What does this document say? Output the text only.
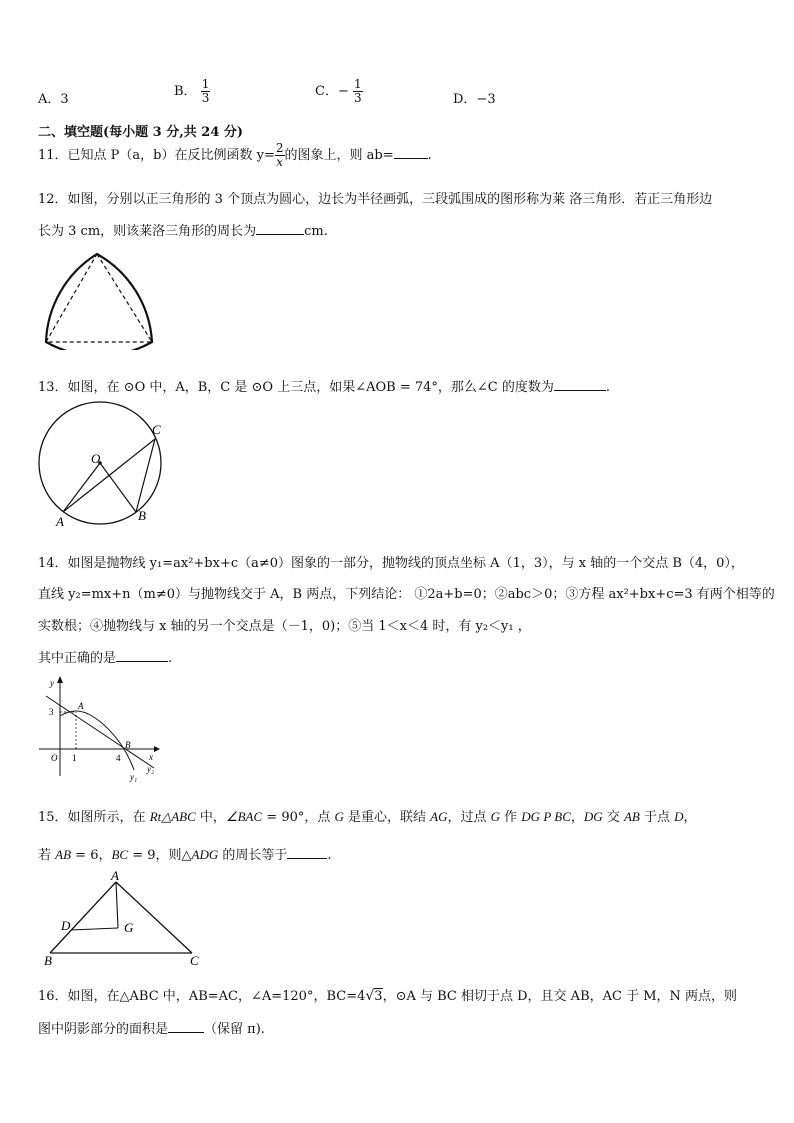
A．3
B． $\frac{1}{3}$	C．− $\frac{1}{3}$	D．−3
二、填空题(每小题 3 分,共 24 分)
11．已知点 P（a，b）在反比例函数 $y= \frac{2}{x}$ 的图象上，则 ab=	.
12．如图，分别以正三角形的 3 个顶点为圆心，边长为半径画弧，三段弧围成的图形称为莱 洛三角形．若正三角形边
长为 3 cm，则该莱洛三角形的周长为	cm.
13．如图，在 ⊙O 中，A，B，C 是 ⊙O 上三点，如果∠AOB = 74°，那么∠C 的度数为	.
O
A	B
C
14．如图是抛物线 y₁=ax²+bx+c（a≠0）图象的一部分，抛物线的顶点坐标 A（1，3），与 x 轴的一个交点 B（4，0），
直线 y₂=mx+n（m≠0）与抛物线交于 A，B 两点，下列结论： ①2a+b=0；②abc＞0；③方程 ax²+bx+c=3 有两个相等的
实数根；④抛物线与 x 轴的另一个交点是（－1，0)；⑤当 1＜x＜4 时，有 y₂＜y₁ ，
其中正确的是	.
y
x
3
O 1	4
A
B
y₁
y₂
15．如图所示，在 Rt△ABC 中，∠BAC = 90°，点 G 是重心，联结 AG，过点 G 作 DG P BC，DG 交 AB 于点 D，
若 AB = 6，BC = 9，则△ADG 的周长等于	.
A
B	C
D	G
16．如图，在△ABC 中，AB=AC，∠A=120°，BC=4√3，⊙A 与 BC 相切于点 D，且交 AB，AC 于 M，N 两点，则
图中阴影部分的面积是	（保留 π).
